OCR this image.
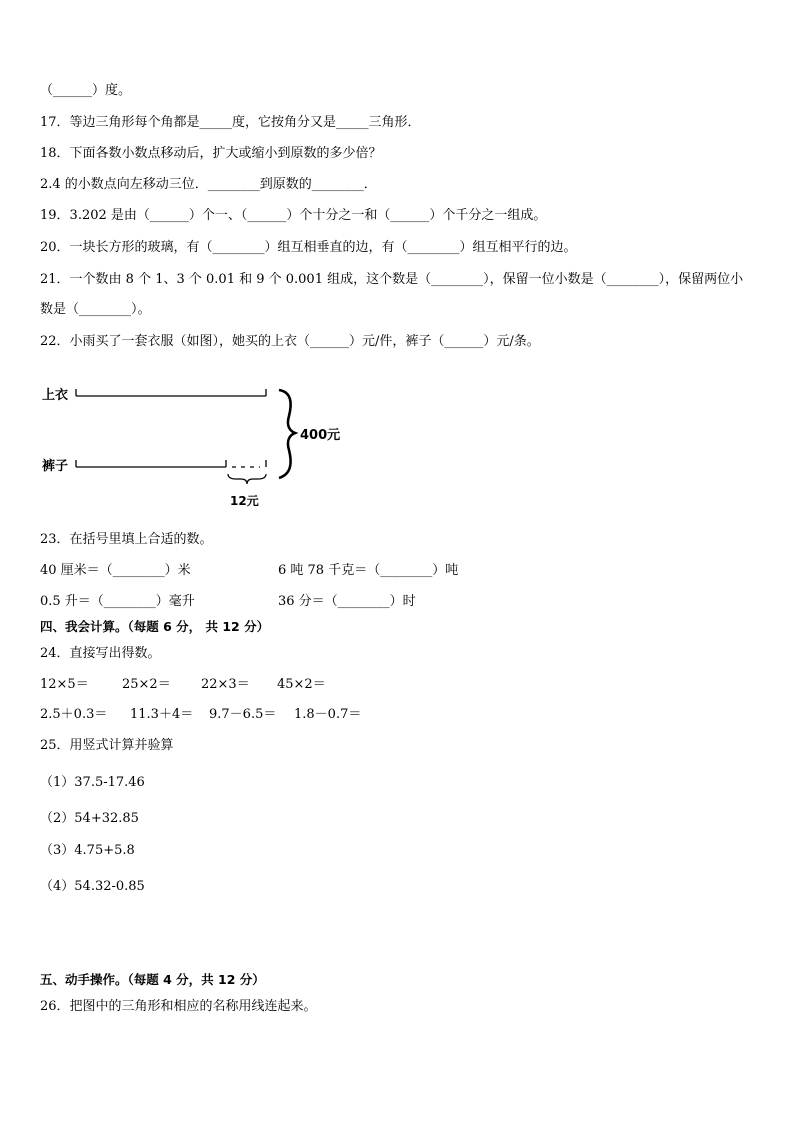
（______）度。
17．等边三角形每个角都是_____度，它按角分又是_____三角形．
18．下面各数小数点移动后，扩大或缩小到原数的多少倍？
2.4 的小数点向左移动三位．________到原数的________．
19．3.202 是由（______）个一、（______）个十分之一和（______）个千分之一组成。
20．一块长方形的玻璃，有（________）组互相垂直的边，有（________）组互相平行的边。
21．一个数由 8 个 1、3 个 0.01 和 9 个 0.001 组成，这个数是（________），保留一位小数是（________），保留两位小
数是（________）。
22．小雨买了一套衣服（如图），她买的上衣（______）元/件，裤子（______）元/条。
上衣
裤子
12元
400元
23．在括号里填上合适的数。
40 厘米＝（________）米	6 吨 78 千克＝（________）吨
0.5 升＝（________）毫升	36 分＝（________）时
四、我会计算。（每题 6 分， 共 12 分）
24．直接写出得数。
12×5＝	25×2＝ 22×3＝ 45×2＝
2.5＋0.3＝ 11.3＋4＝ 9.7－6.5＝ 1.8－0.7＝
25．用竖式计算并验算
（1）37.5-17.46
（2）54+32.85
（3）4.75+5.8
（4）54.32-0.85
五、动手操作。（每题 4 分，共 12 分）
26．把图中的三角形和相应的名称用线连起来。
